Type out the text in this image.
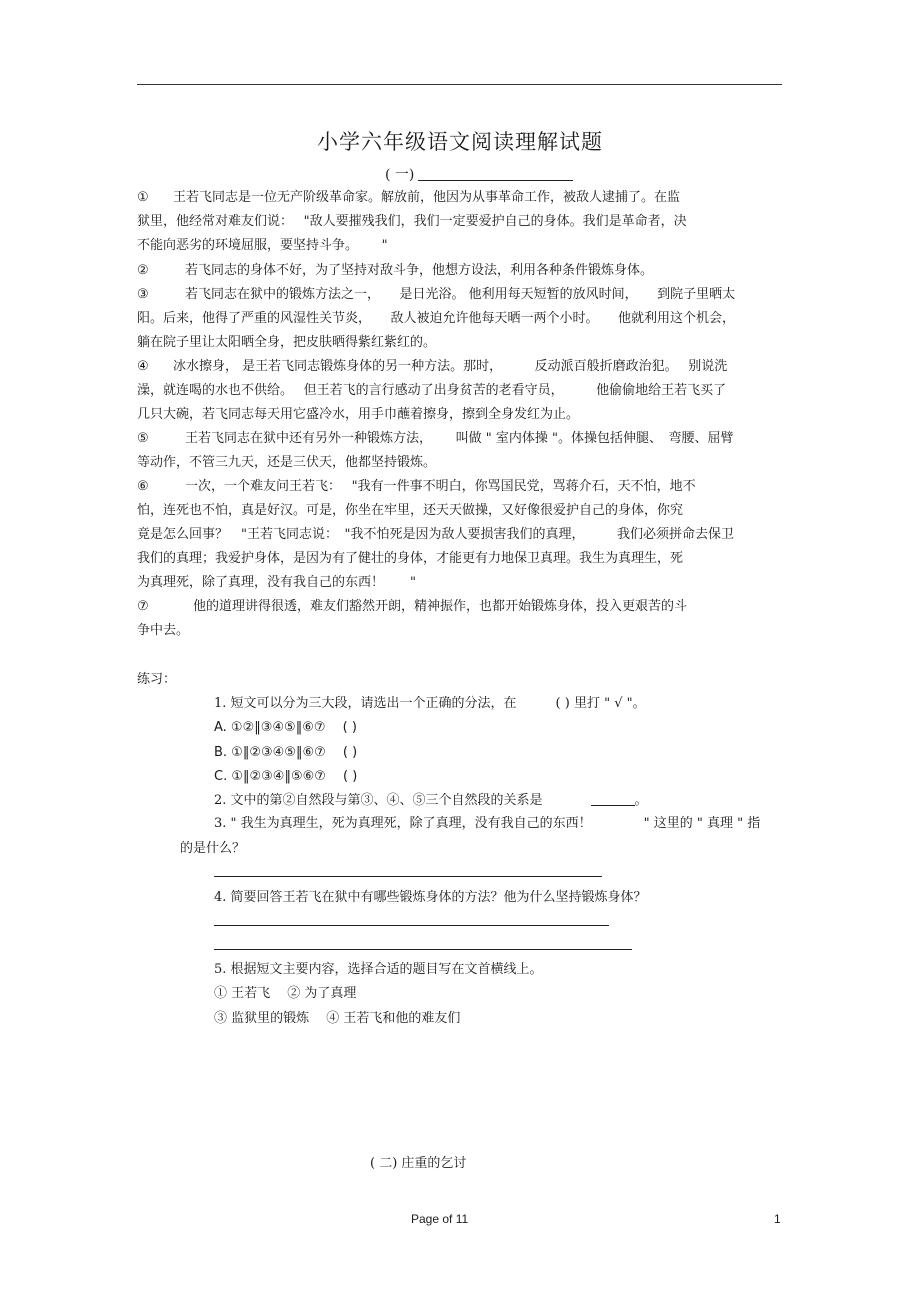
小学六年级语文阅读理解试题
( 一)
① 王若飞同志是一位无产阶级革命家。解放前，他因为从事革命工作，被敌人逮捕了。在监
狱里，他经常对难友们说：　 "敌人要摧残我们，我们一定要爱护自己的身体。我们是革命者，决
不能向恶劣的环境屈服，要坚持斗争。　　 "
②	若飞同志的身体不好，为了坚持对敌斗争，他想方设法，利用各种条件锻炼身体。
③	若飞同志在狱中的锻炼方法之一，　　是日光浴。 他利用每天短暂的放风时间，　　到院子里晒太
阳。后来，他得了严重的风湿性关节炎，　　敌人被迫允许他每天晒一两个小时。　　他就利用这个机会，
躺在院子里让太阳晒全身，把皮肤晒得紫红紫红的。
④ 冰水擦身， 是王若飞同志锻炼身体的另一种方法。那时，　　　反动派百般折磨政治犯。　 别说洗
澡，就连喝的水也不供给。　 但王若飞的言行感动了出身贫苦的老看守员，　　　他偷偷地给王若飞买了
几只大碗，若飞同志每天用它盛冷水，用手巾蘸着擦身，擦到全身发红为止。
⑤	王若飞同志在狱中还有另外一种锻炼方法，　　 叫做 " 室内体操 "。体操包括伸腿、　弯腰、屈臂
等动作，不管三九天，还是三伏天，他都坚持锻炼。
⑥	一次，一个难友问王若飞：　 "我有一件事不明白，你骂国民党，骂蒋介石，天不怕，地不
怕，连死也不怕，真是好汉。可是，你坐在牢里，还天天做操，又好像很爱护自己的身体，你究
竟是怎么回事？　"王若飞同志说：　"我不怕死是因为敌人要损害我们的真理，　　　我们必须拼命去保卫
我们的真理；我爱护身体，是因为有了健壮的身体，才能更有力地保卫真理。我生为真理生，死
为真理死，除了真理，没有我自己的东西！　　"
⑦	他的道理讲得很透，难友们豁然开朗，精神振作，也都开始锻炼身体，投入更艰苦的斗
争中去。
练习：
1. 短文可以分为三大段，请选出一个正确的分法，在　　　( ) 里打 " √ "。
A. ①②‖③④⑤‖⑥⑦　 ( )
B. ①‖②③④⑤‖⑥⑦　 ( )
C. ①‖②③④‖⑤⑥⑦　 ( )
2. 文中的第②自然段与第③、④、⑤三个自然段的关系是	。
3. " 我生为真理生，死为真理死，除了真理，没有我自己的东西！　　　　" 这里的 " 真理 " 指
的是什么？
4. 简要回答王若飞在狱中有哪些锻炼身体的方法？他为什么坚持锻炼身体？
5. 根据短文主要内容，选择合适的题目写在文首横线上。
① 王若飞　 ② 为了真理
③ 监狱里的锻炼　 ④ 王若飞和他的难友们
( 二) 庄重的乞讨
Page of 11	1
